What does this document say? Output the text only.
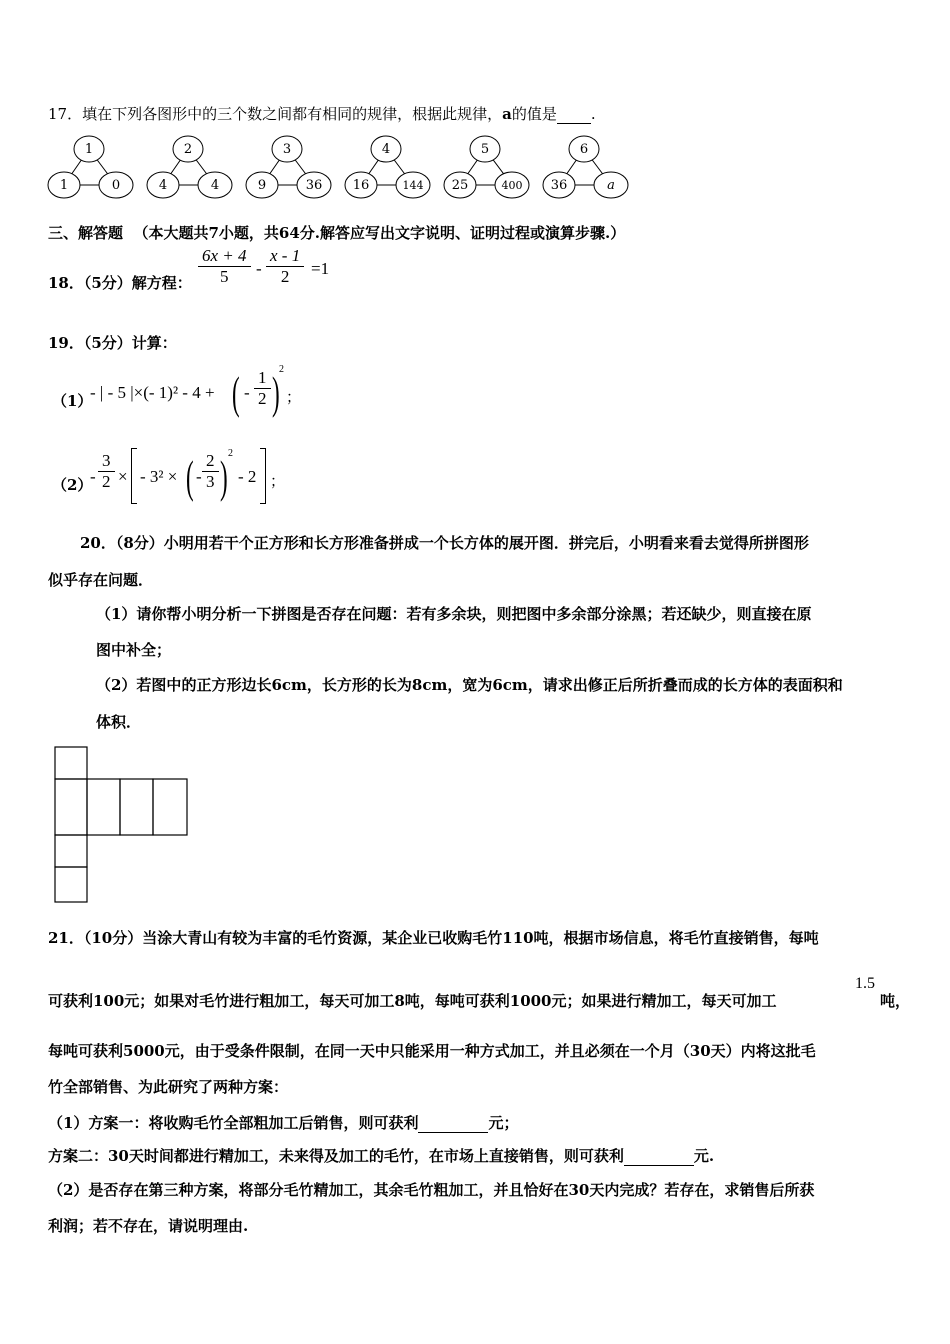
17．填在下列各图形中的三个数之间都有相同的规律，根据此规律，a的值是 .
1
1	0
2
4	4
3
9	36
4
16	144
5
25	400
6
36	a
三、解答题 （本大题共7小题，共64分.解答应写出文字说明、证明过程或演算步骤.）
18．（5分）解方程： $\frac{6x + 4}{5} - \frac{x - 1}{2} =1$
19．（5分）计算：
（1）
- | - 5 |×(- 1)² - 4 + ( - $\frac{1}{2}$ ) 2
；
（2）
- $\frac{3}{2}$ × - 3² × ( - $\frac{2}{3}$ ) 2
- 2 ；
20．（8分）小明用若干个正方形和长方形准备拼成一个长方体的展开图．拼完后，小明看来看去觉得所拼图形
似乎存在问题．
（1）请你帮小明分析一下拼图是否存在问题：若有多余块，则把图中多余部分涂黑；若还缺少，则直接在原
图中补全；
（2）若图中的正方形边长6cm，长方形的长为8cm，宽为6cm，请求出修正后所折叠而成的长方体的表面积和
体积．
21．（10分）当涂大青山有较为丰富的毛竹资源，某企业已收购毛竹110吨，根据市场信息，将毛竹直接销售，每吨
可获利100元；如果对毛竹进行粗加工，每天可加工8吨，每吨可获利1000元；如果进行精加工，每天可加工
1.5
吨，
每吨可获利5000元，由于受条件限制，在同一天中只能采用一种方式加工，并且必须在一个月（30天）内将这批毛
竹全部销售、为此研究了两种方案：
（1）方案一：将收购毛竹全部粗加工后销售，则可获利	元；
方案二：30天时间都进行精加工，未来得及加工的毛竹，在市场上直接销售，则可获利	元.
（2）是否存在第三种方案，将部分毛竹精加工，其余毛竹粗加工，并且恰好在30天内完成？若存在，求销售后所获
利润；若不存在，请说明理由.
